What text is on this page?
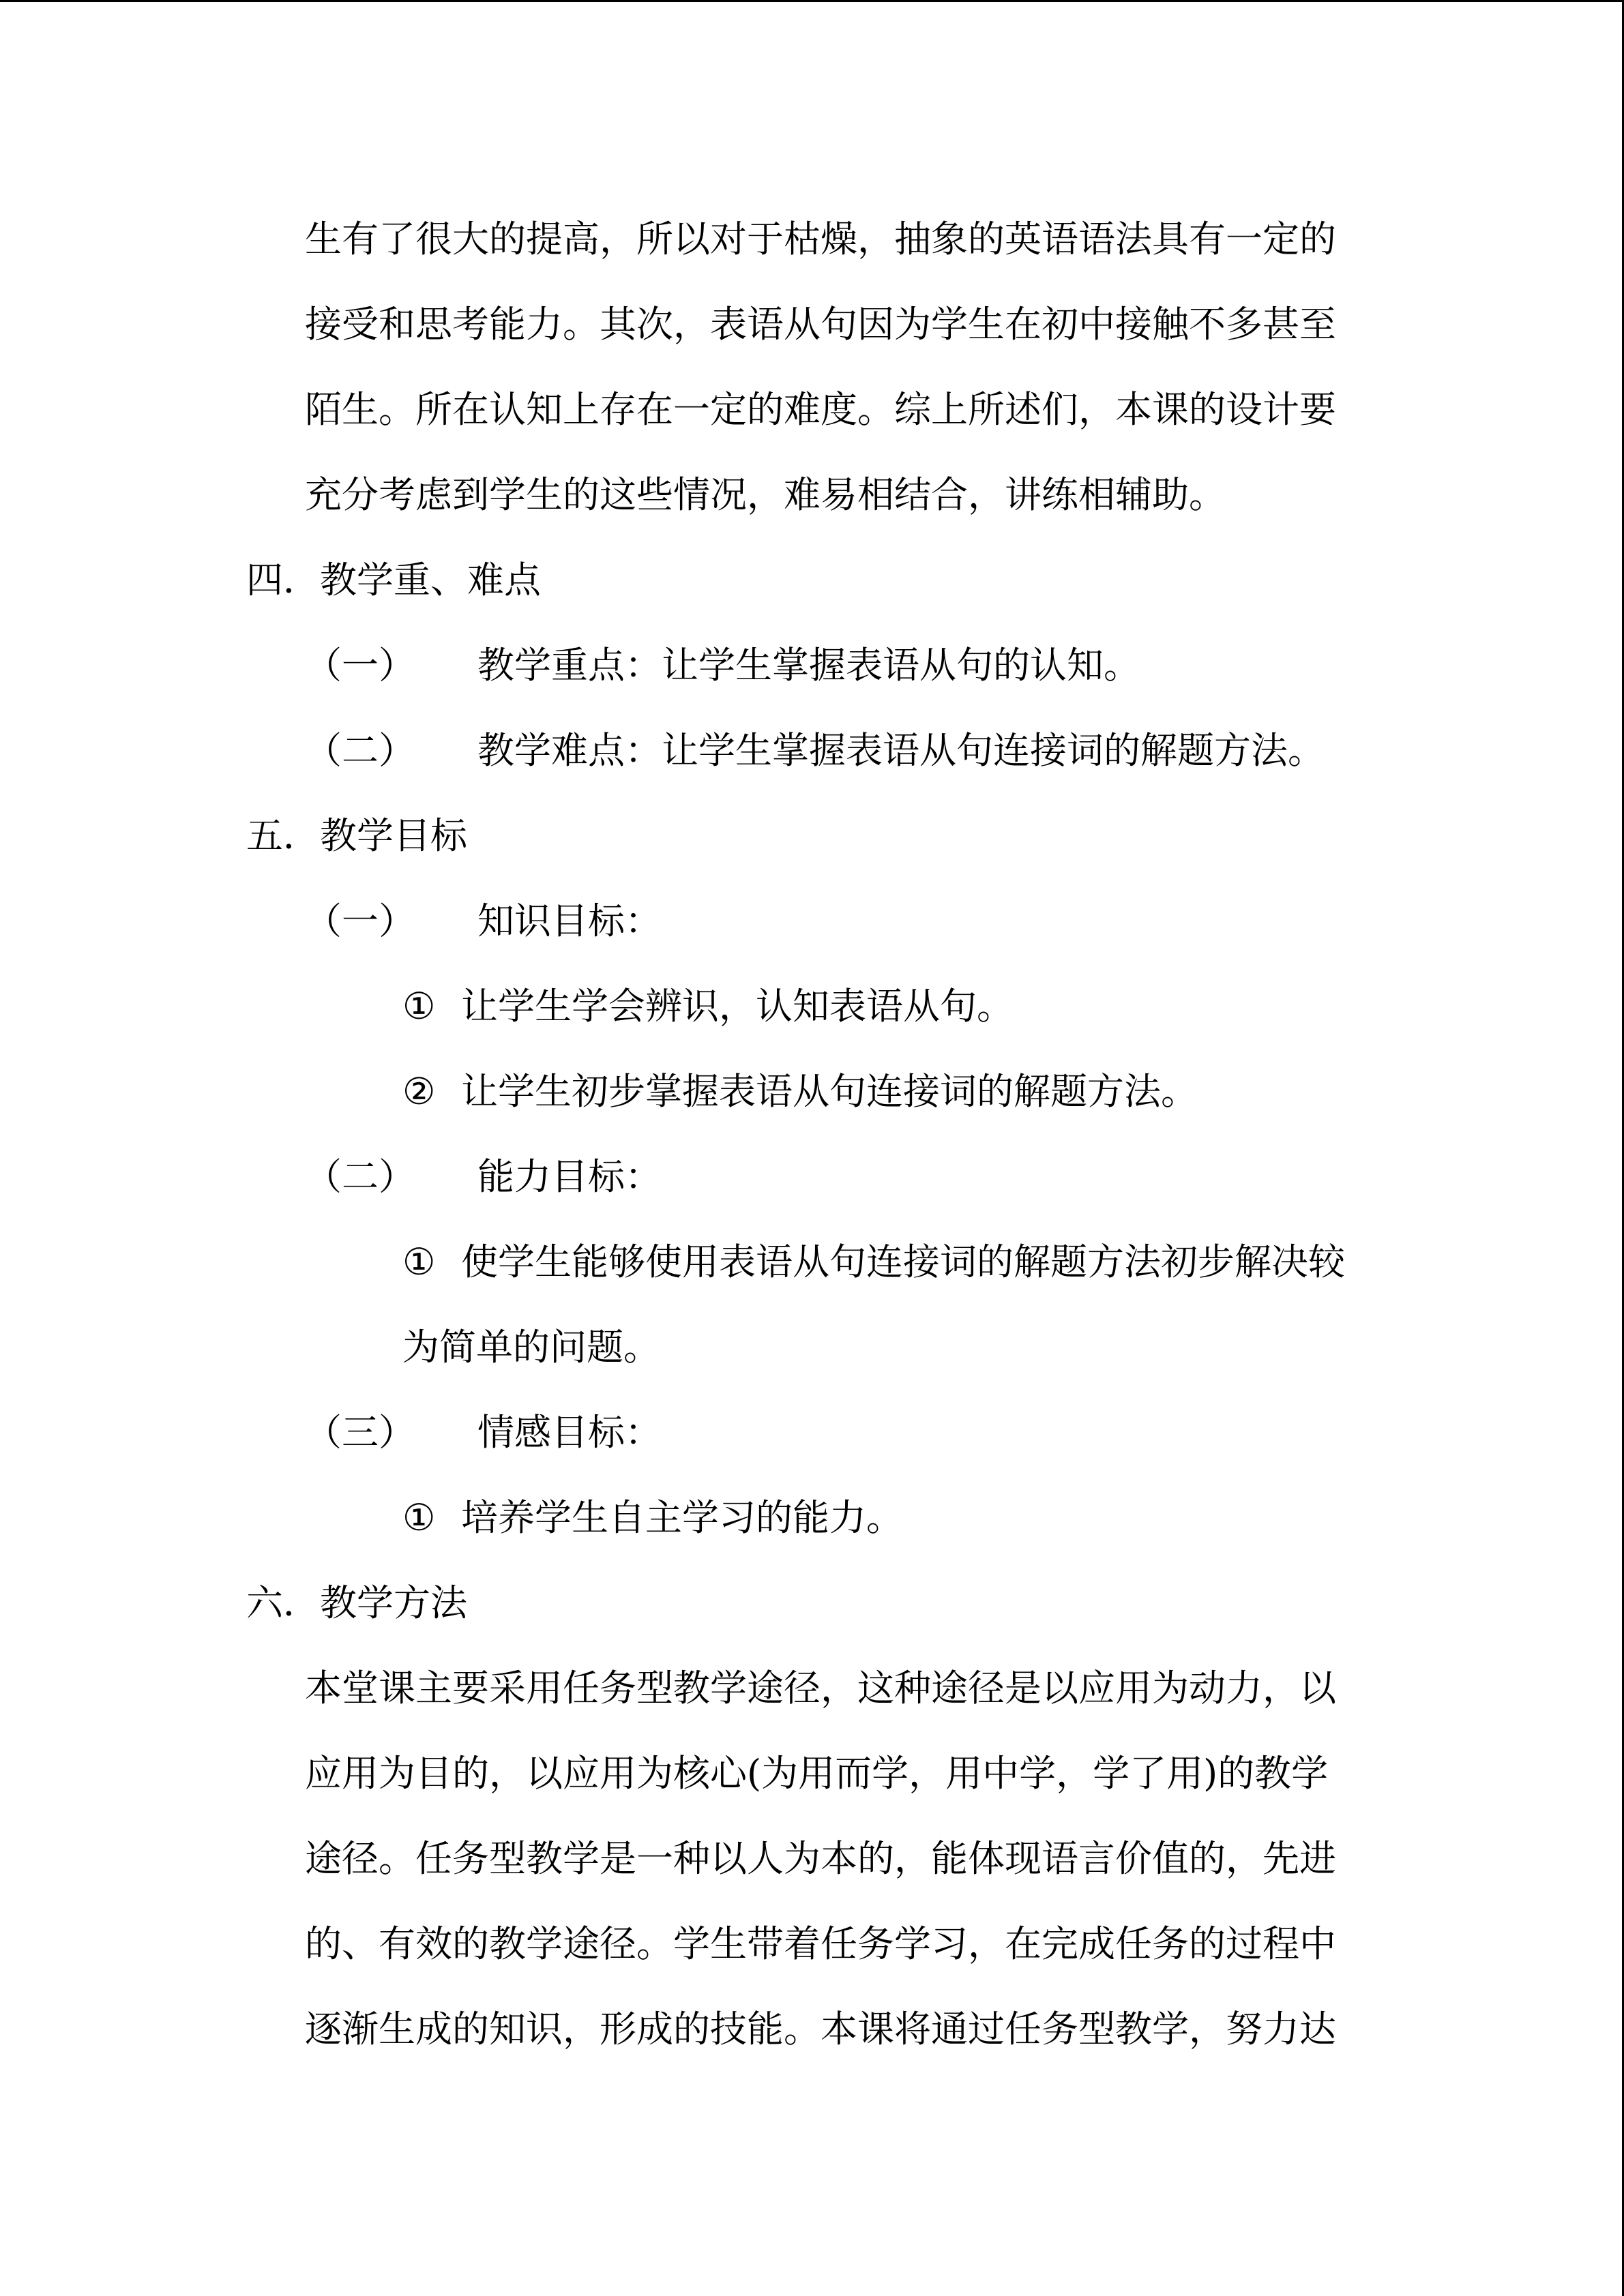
生有了很大的提高，所以对于枯燥，抽象的英语语法具有一定的
接受和思考能力。其次，表语从句因为学生在初中接触不多甚至
陌生。所在认知上存在一定的难度。综上所述们，本课的设计要
充分考虑到学生的这些情况，难易相结合，讲练相辅助。
四．教学重、难点
（一） 教学重点：让学生掌握表语从句的认知。
（二） 教学难点：让学生掌握表语从句连接词的解题方法。
五．教学目标
（一） 知识目标：
① 让学生学会辨识，认知表语从句。
② 让学生初步掌握表语从句连接词的解题方法。
（二） 能力目标：
① 使学生能够使用表语从句连接词的解题方法初步解决较
为简单的问题。
（三） 情感目标：
① 培养学生自主学习的能力。
六．教学方法
本堂课主要采用任务型教学途径，这种途径是以应用为动力，以
应用为目的，以应用为核心(为用而学，用中学，学了用)的教学
途径。任务型教学是一种以人为本的，能体现语言价值的，先进
的、有效的教学途径。学生带着任务学习，在完成任务的过程中
逐渐生成的知识，形成的技能。本课将通过任务型教学，努力达
